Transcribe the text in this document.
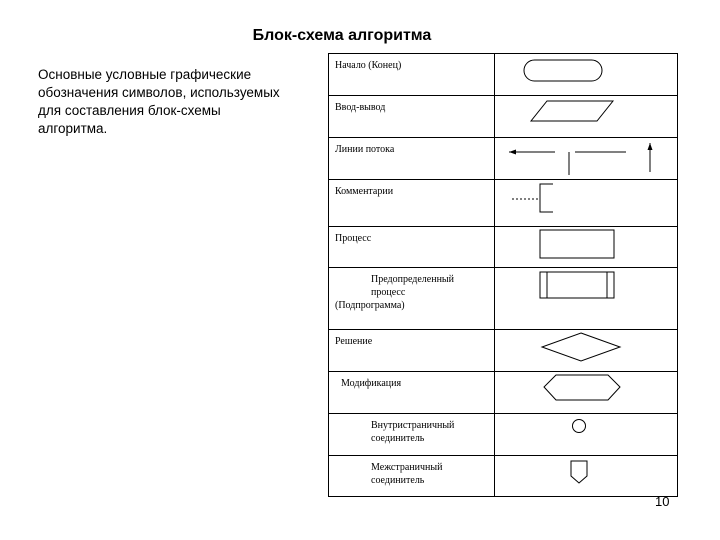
Блок-схема алгоритма

Основные условные графические обозначения символов, используемых для составления блок-схемы алгоритма.

Начало (Конец)

Ввод-вывод

Линии потока

Комментарии

Процесс

Предопределенный процесс
(Подпрограмма)

Решение

Модификация

Внутристраничный соединитель

Межстраничный соединитель

10
